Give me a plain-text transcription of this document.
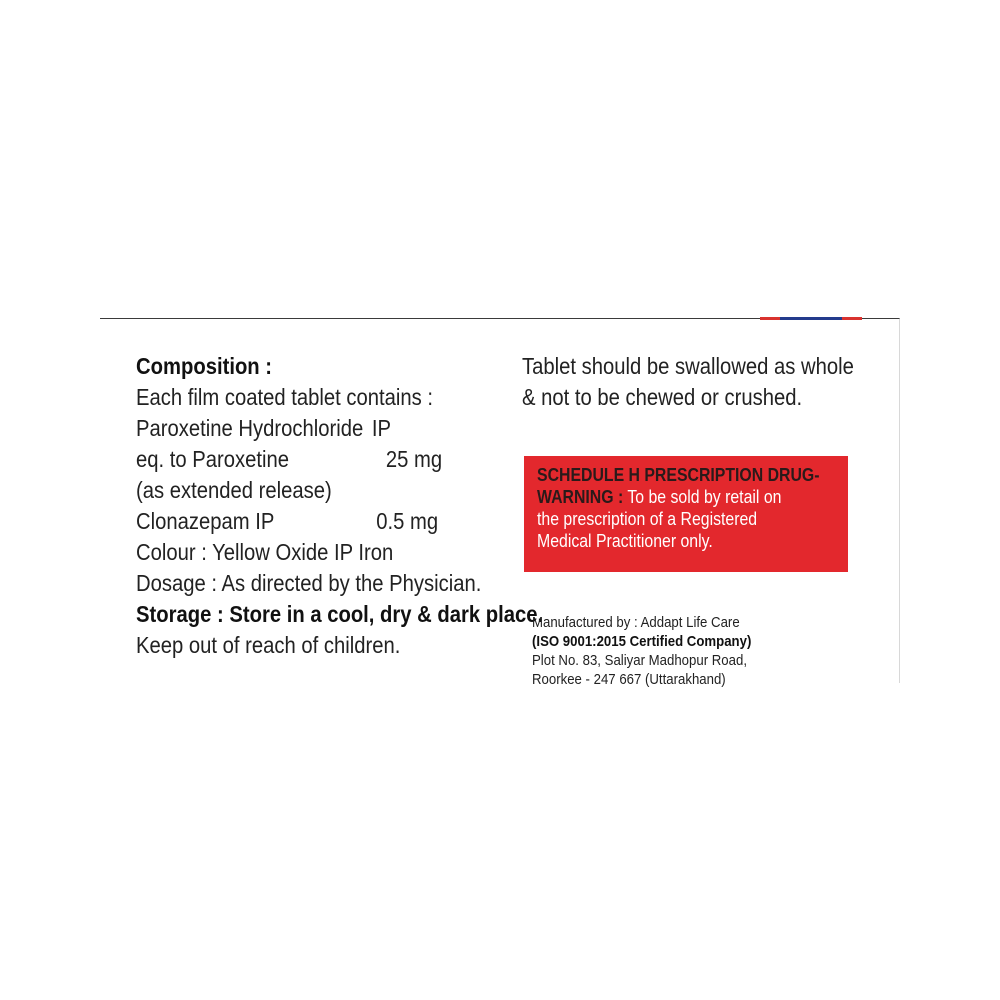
Composition :
Each film coated tablet contains :
Paroxetine Hydrochloride IP
eq. to Paroxetine	25 mg
(as extended release)
Clonazepam IP	0.5 mg
Colour : Yellow Oxide IP Iron
Dosage : As directed by the Physician.
Storage : Store in a cool, dry & dark place.
Keep out of reach of children.
Tablet should be swallowed as whole
& not to be chewed or crushed.
SCHEDULE H PRESCRIPTION DRUG-
WARNING : To be sold by retail on
the prescription of a Registered
Medical Practitioner only.
Manufactured by : Addapt Life Care
(ISO 9001:2015 Certified Company)
Plot No. 83, Saliyar Madhopur Road,
Roorkee - 247 667 (Uttarakhand)
